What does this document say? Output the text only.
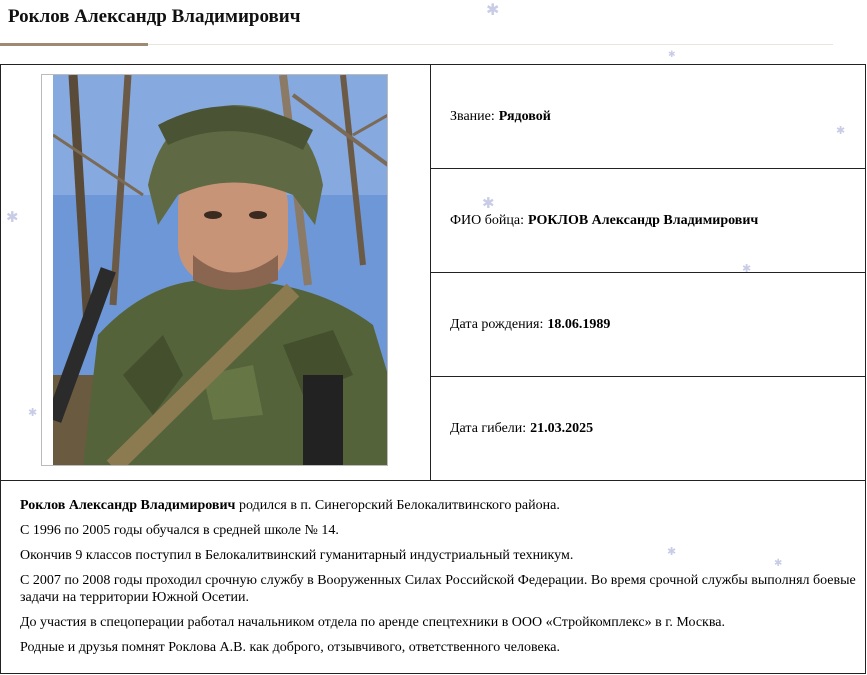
Роклов Александр Владимирович
Звание: Рядовой
ФИО бойца: РОКЛОВ Александр Владимирович
Дата рождения: 18.06.1989
Дата гибели: 21.03.2025

Роклов Александр Владимирович родился в п. Синегорский Белокалитвинского района.

С 1996 по 2005 годы обучался в средней школе № 14.

Окончив 9 классов поступил в Белокалитвинский гуманитарный индустриальный техникум.

С 2007 по 2008 годы проходил срочную службу в Вооруженных Силах Российской Федерации. Во время срочной службы выполнял боевые задачи на территории Южной Осетии.

До участия в спецоперации работал начальником отдела по аренде спецтехники в ООО «Стройкомплекс» в г. Москва.

Родные и друзья помнят Роклова А.В. как доброго, отзывчивого, ответственного человека.

✱
✱
✱
✱
✱
✱
✱
✱
✱
